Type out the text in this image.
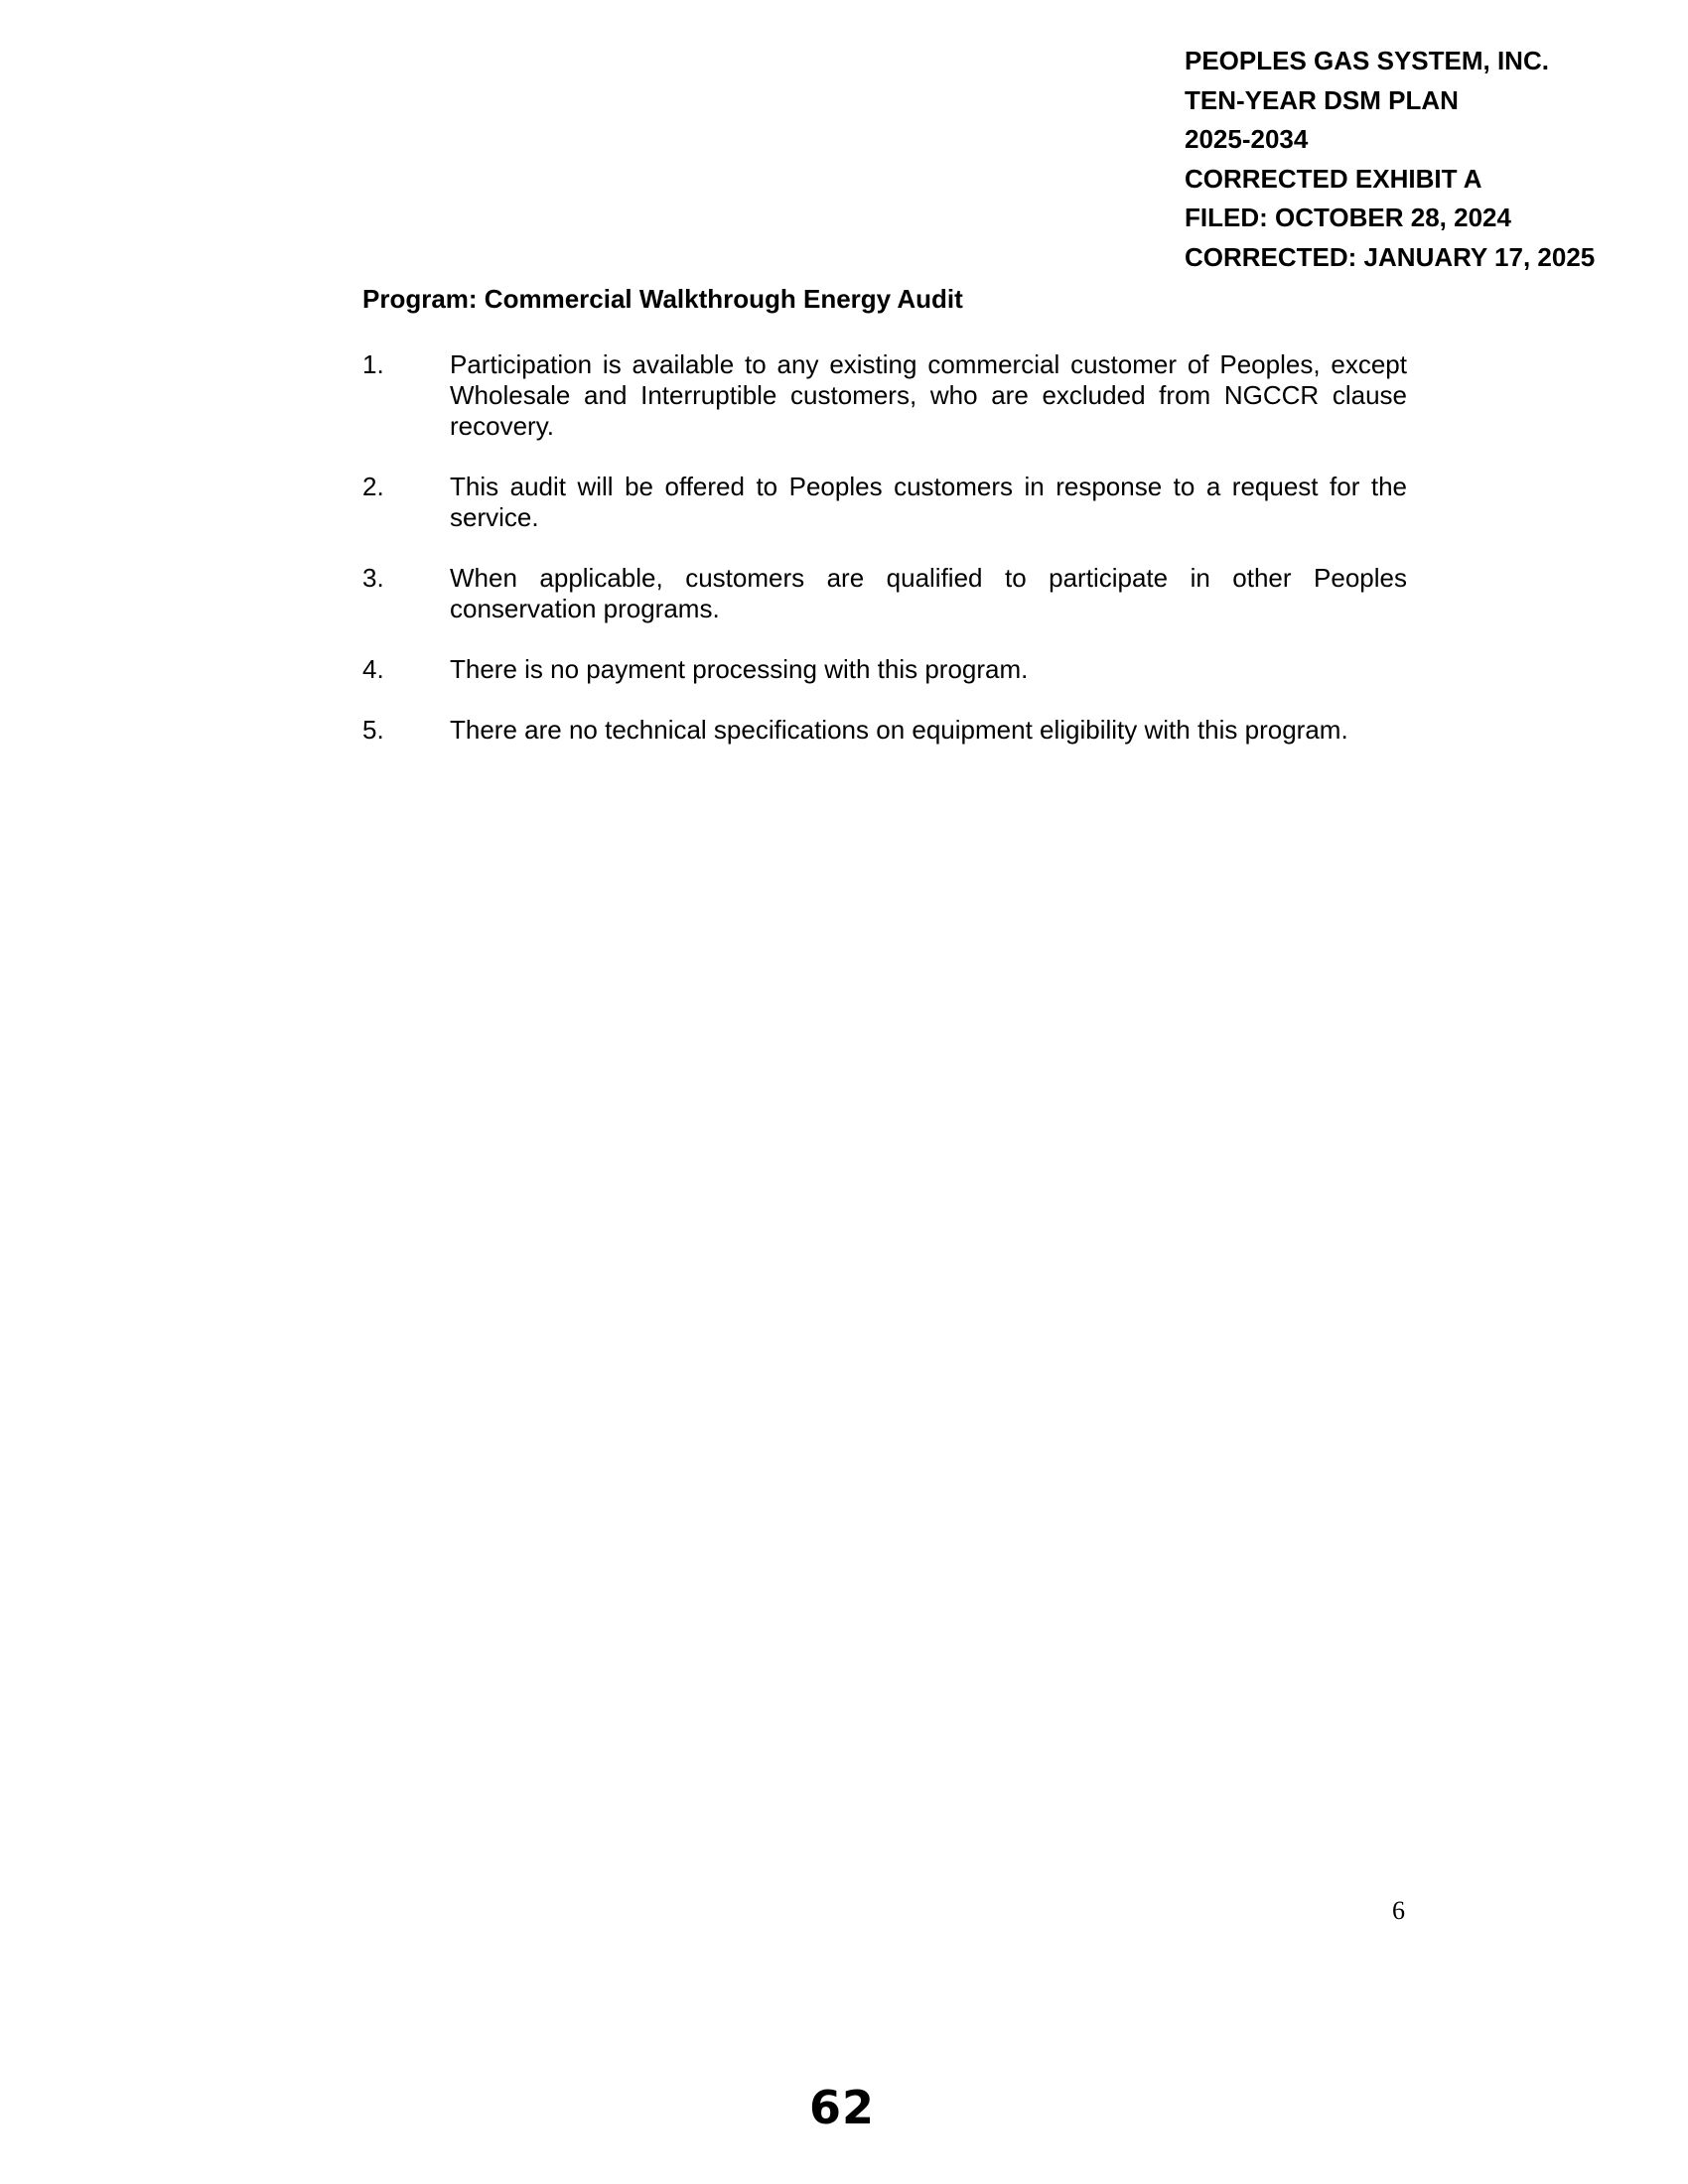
PEOPLES GAS SYSTEM, INC.
TEN-YEAR DSM PLAN
2025-2034
CORRECTED EXHIBIT A
FILED: OCTOBER 28, 2024
CORRECTED: JANUARY 17, 2025
Program: Commercial Walkthrough Energy Audit
1.	Participation is available to any existing commercial customer of Peoples, except Wholesale and Interruptible customers, who are excluded from NGCCR clause recovery.
2.	This audit will be offered to Peoples customers in response to a request for the service.
3.	When applicable, customers are qualified to participate in other Peoples conservation programs.
4.	There is no payment processing with this program.
5.	There are no technical specifications on equipment eligibility with this program.
6
62
